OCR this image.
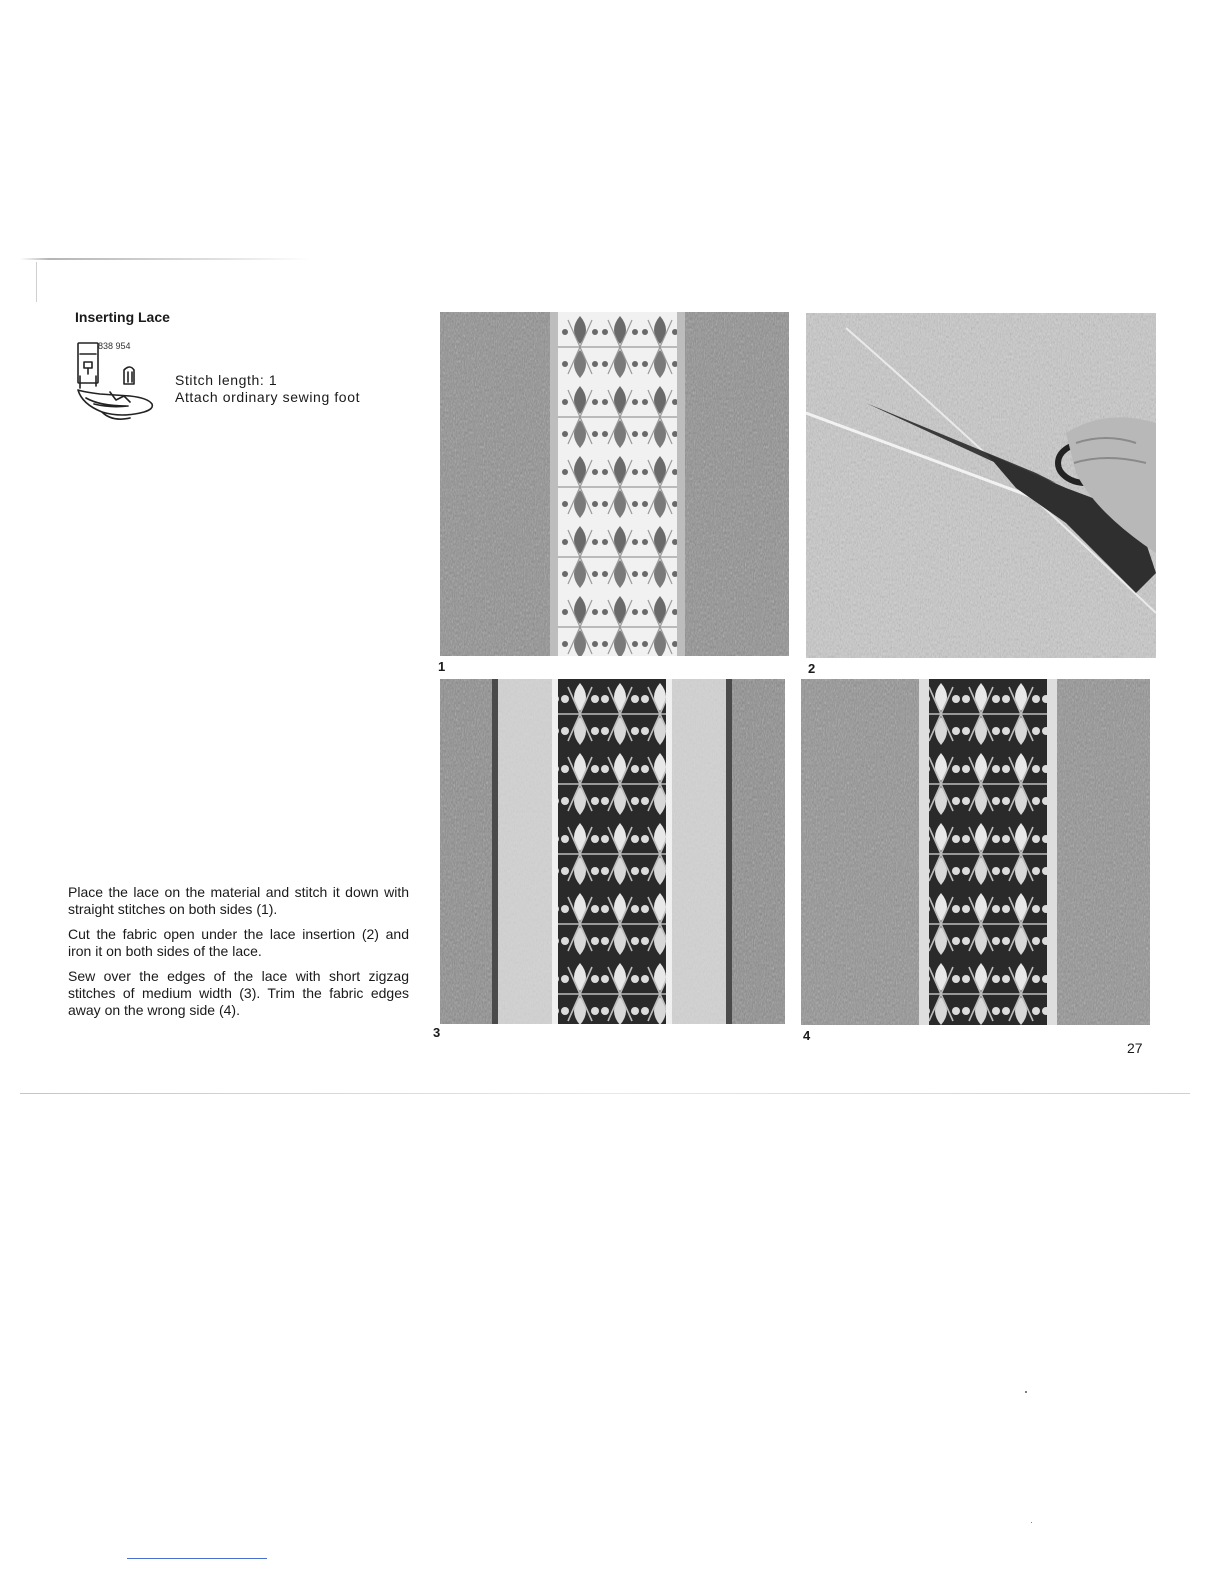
Inserting Lace
838 954
Stitch length: 1
Attach ordinary sewing foot

Place the lace on the material and stitch it down with straight stitches on both sides (1).

Cut the fabric open under the lace insertion (2) and iron it on both sides of the lace.

Sew over the edges of the lace with short zigzag stitches of medium width (3). Trim the fabric edges away on the wrong side (4).

1	2
3	4
27
